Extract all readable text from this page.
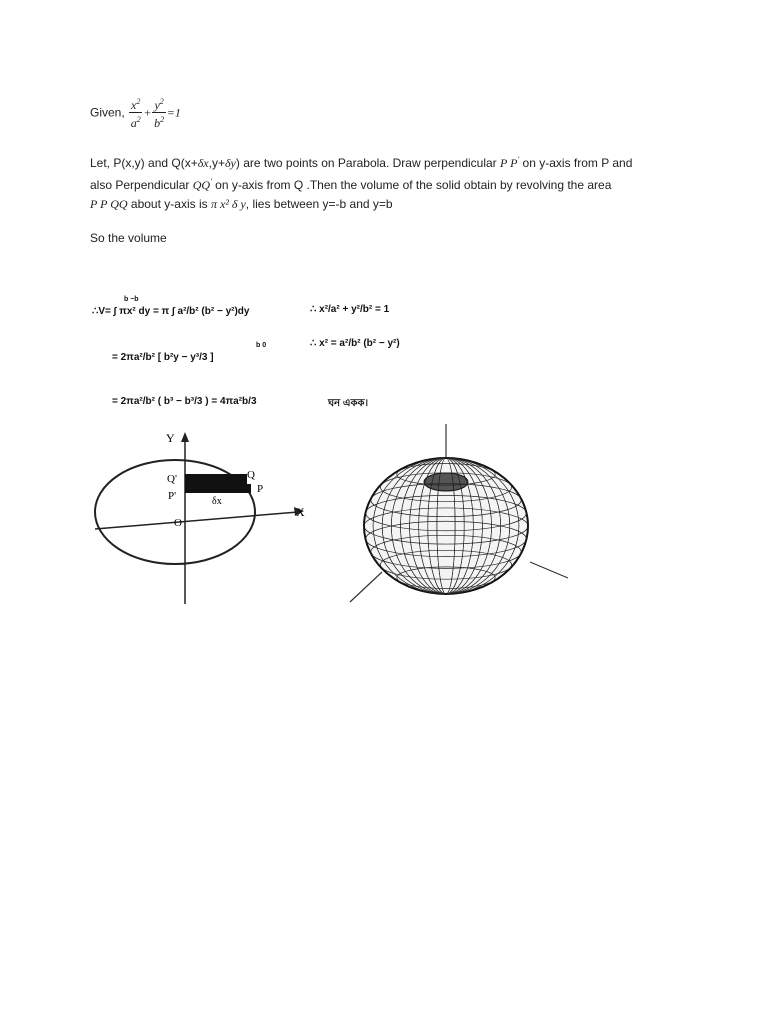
Given, $\frac{x^2}{a^2} + \frac{y^2}{b^2} =1$
Let, P(x,y) and Q(x+δx,y+δy) are two points on Parabola. Draw perpendicular P P' on y-axis from P and
also Perpendicular QQ' on y-axis from Q .Then the volume of the solid obtain by revolving the area
P P QQ about y-axis is π x² δ y, lies between y=-b and y=b
So the volume
∴V= ∫ πx² dy = π ∫ a²/b² (b² − y²)dy
b −b
∴ x²/a² + y²/b² = 1
∴ x² = a²/b² (b² − y²)
= 2πa²/b² [ b²y − y³/3 ]
b 0
= 2πa²/b² ( b³ − b³/3 ) = 4πa²b/3	ঘন একক।
Y
X
O
Q
Q'
P
P'	δx
